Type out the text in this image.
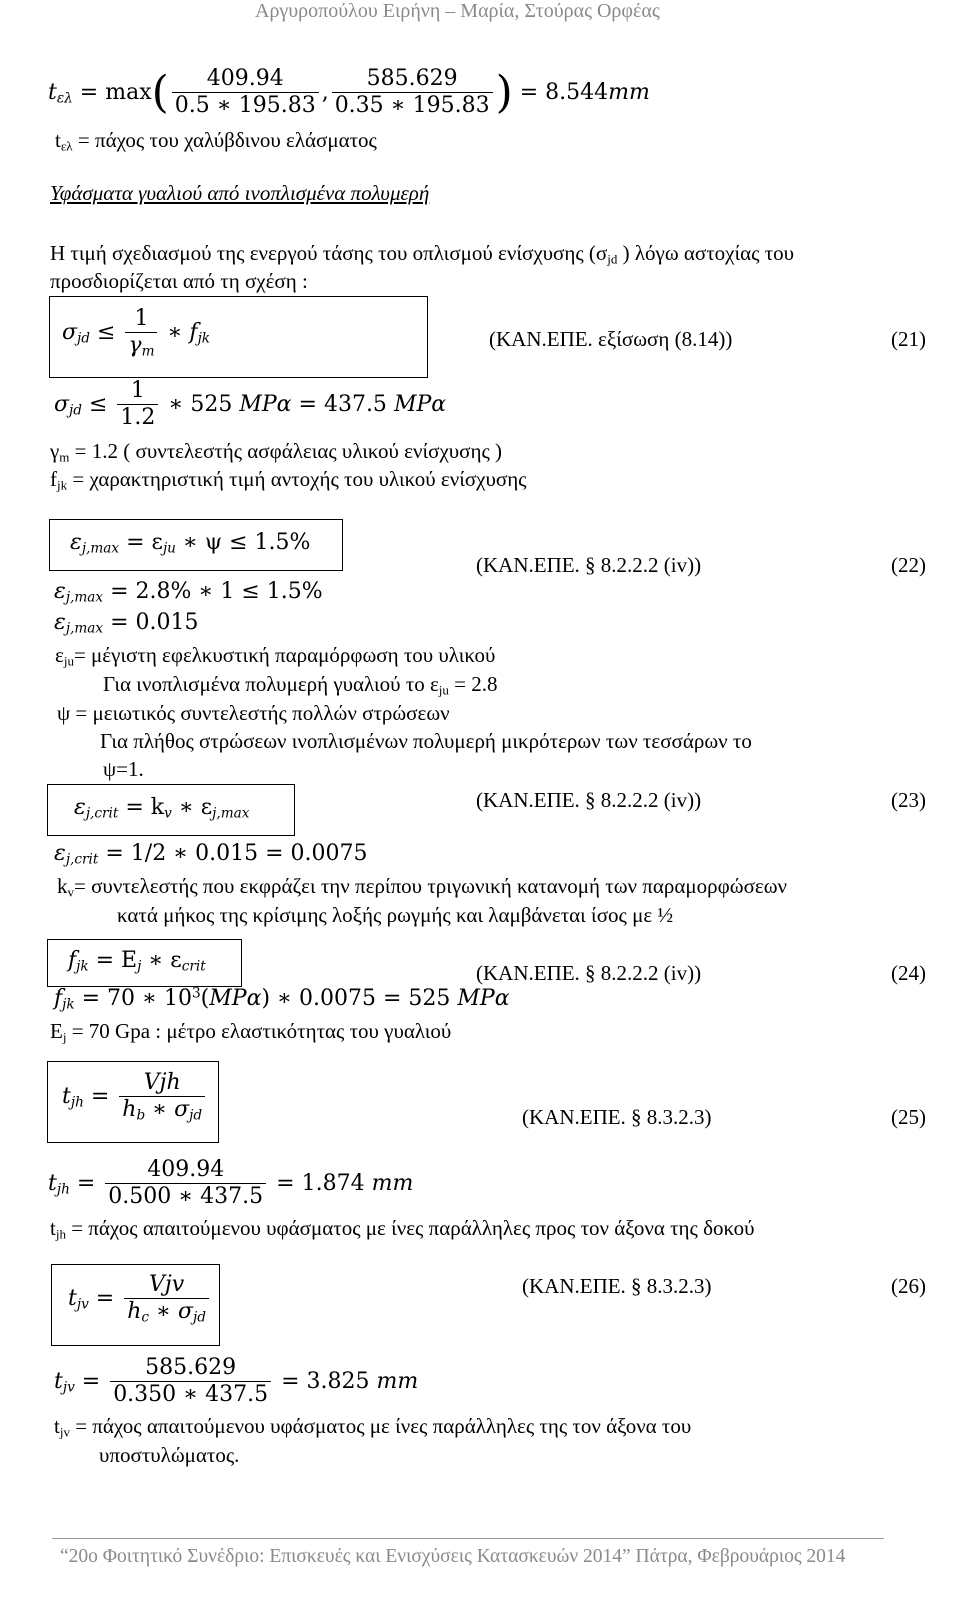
Αργυροπούλου Ειρήνη – Μαρία, Στούρας Ορφέας
$t_{\varepsilon\lambda} = \max( \frac{409.94}{0.5 ∗ 195.83}$ , $\frac{585.629}{0.35 ∗ 195.83}$ ) = 8.544mm
$t_{\varepsilon\lambda} = \pi ά\chi o\varsigma$ του χαλύβδινου ελάσματος
Υφάσματα γυαλιού από ινοπλισμένα πολυμερή
Η τιμή σχεδιασμού της ενεργού τάσης του οπλισμού ενίσχυσης ($\sigma_{jd}$ ) λόγω αστοχίας του
προσδιορίζεται από τη σχέση :
$\sigma_{jd} \le \frac{1}{\gamma_m}$ ∗ $f_{jk}$	(ΚΑΝ.ΕΠΕ. εξίσωση (8.14))	(21)
$\sigma_{jd} \le \frac{1}{1.2}$ ∗ 525 MPα = 437.5 MPα
$\gamma_m = 1.2$ ( συντελεστής ασφάλειας υλικού ενίσχυσης )
$f_{jk} = \chi\alpha\rho\alpha\kappa\tau\eta\rho\iota\sigma\tau\iota\kappa ή$ τιμή αντοχής του υλικού ενίσχυσης
$\varepsilon_{j,max} = \varepsilon_{ju}$ ∗ ψ ≤ 1.5%
(ΚΑΝ.ΕΠΕ. § 8.2.2.2 (iv))	(22)
$\varepsilon_{j,max} = 2.8\%$ ∗ 1 ≤ 1.5%
$\varepsilon_{j,max} = 0.015$
$\varepsilon_{ju}= \mu έ\gamma\iota\sigma\tau\eta$ εφελκυστική παραμόρφωση του υλικού
Για ινοπλισμένα πολυμερή γυαλιού το $\varepsilon_{ju} = 2.8$
ψ = μειωτικός συντελεστής πολλών στρώσεων
Για πλήθος στρώσεων ινοπλισμένων πολυμερή μικρότερων των τεσσάρων το
ψ=1.
$\varepsilon_{j,crit} = k_v$ ∗ $\varepsilon_{j,max}$
(ΚΑΝ.ΕΠΕ. § 8.2.2.2 (iv))	(23)
$\varepsilon_{j,crit} = 1/2$ ∗ 0.015 = 0.0075
$k_v= \sigma\upsilon\nu\tau\varepsilon\lambda\varepsilon\sigma\tau ή\varsigma$ που εκφράζει την περίπου τριγωνική κατανομή των παραμορφώσεων
κατά μήκος της κρίσιμης λοξής ρωγμής και λαμβάνεται ίσος με ½
$f_{jk} = E_j$ ∗ $\varepsilon_{crit}$	(ΚΑΝ.ΕΠΕ. § 8.2.2.2 (iv))	(24)
$f_{jk} = 70$ ∗ $10^3(MP\alpha)$ ∗ 0.0075 = 525 MPα
$E_j = 70$ Gpa : μέτρο ελαστικότητας του γυαλιού
$t_{jh} = \frac{\text{Vjh}}{h_b ∗ \sigma_{jd}}$	(ΚΑΝ.ΕΠΕ. § 8.3.2.3)	(25)
$t_{jh} = \frac{409.94}{0.500 ∗ 437.5} = 1.874$ mm
$t_{jh} = \pi ά\chi o\varsigma$ απαιτούμενου υφάσματος με ίνες παράλληλες προς τον άξονα της δοκού
$t_{jv} = \frac{\text{Vjv}}{h_c ∗ \sigma_{jd}}$	(ΚΑΝ.ΕΠΕ. § 8.3.2.3)	(26)
$t_{jv} = \frac{585.629}{0.350 ∗ 437.5} = 3.825$ mm
$t_{jv} = \pi ά\chi o\varsigma$ απαιτούμενου υφάσματος με ίνες παράλληλες της τον άξονα του
υποστυλώματος.
“20ο Φοιτητικό Συνέδριο: Επισκευές και Ενισχύσεις Κατασκευών 2014” Πάτρα, Φεβρουάριος 2014
